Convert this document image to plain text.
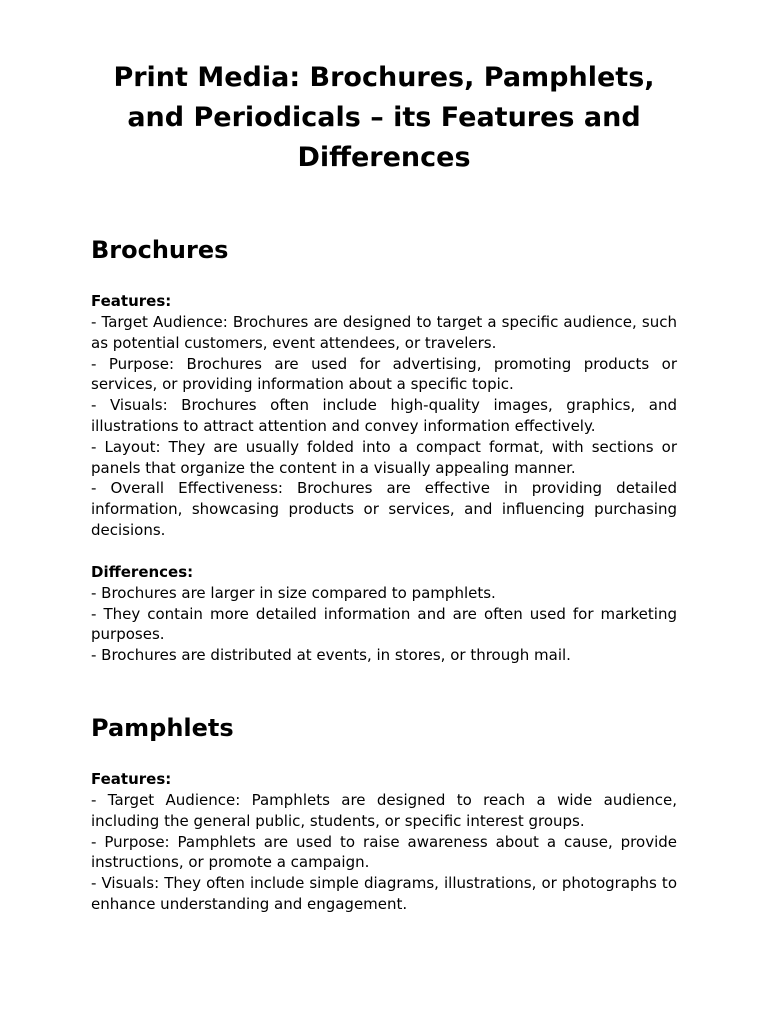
Print Media: Brochures, Pamphlets, and Periodicals – its Features and Differences
Brochures

Features:

- Target Audience: Brochures are designed to target a specific audience, such as potential customers, event attendees, or travelers.
- Purpose: Brochures are used for advertising, promoting products or services, or providing information about a specific topic.
- Visuals: Brochures often include high-quality images, graphics, and illustrations to attract attention and convey information effectively.
- Layout: They are usually folded into a compact format, with sections or panels that organize the content in a visually appealing manner.
- Overall Effectiveness: Brochures are effective in providing detailed information, showcasing products or services, and influencing purchasing decisions.

Differences:

- Brochures are larger in size compared to pamphlets.
- They contain more detailed information and are often used for marketing purposes.
- Brochures are distributed at events, in stores, or through mail.
Pamphlets

Features:

- Target Audience: Pamphlets are designed to reach a wide audience, including the general public, students, or specific interest groups.
- Purpose: Pamphlets are used to raise awareness about a cause, provide instructions, or promote a campaign.
- Visuals: They often include simple diagrams, illustrations, or photographs to enhance understanding and engagement.
